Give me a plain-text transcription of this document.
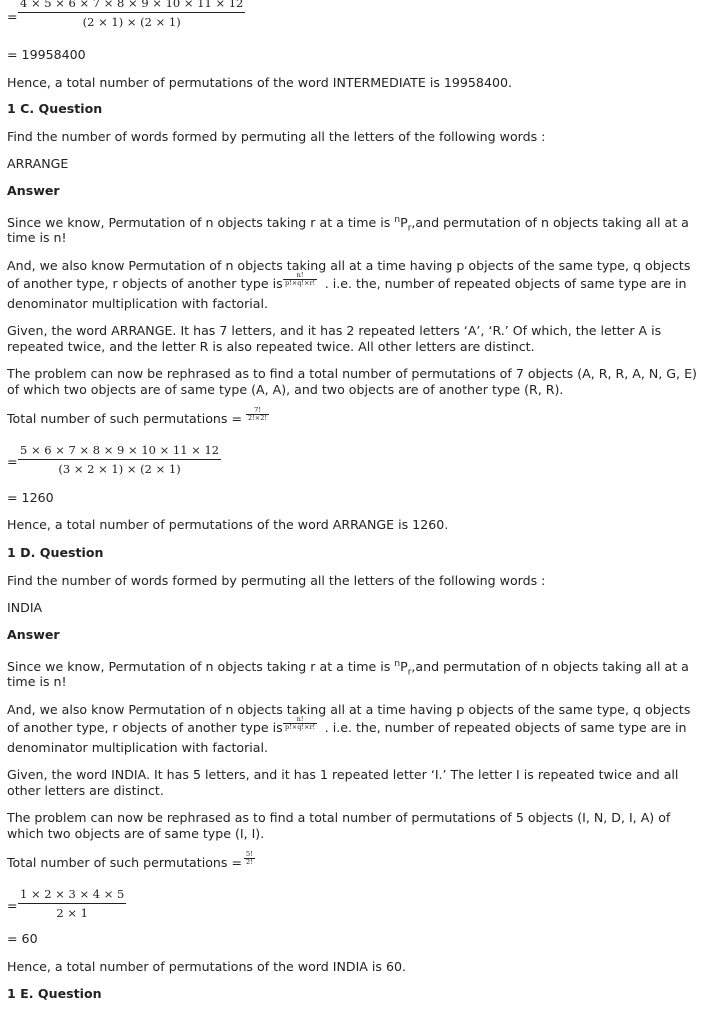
= $\frac{4 \times 5 \times 6 \times 7 \times 8 \times 9 \times 10 \times 11 \times 12}{(2 \times 1) \times (2 \times 1)}$
= 19958400
Hence, a total number of permutations of the word INTERMEDIATE is 19958400.
1 C. Question
Find the number of words formed by permuting all the letters of the following words :
ARRANGE
Answer
Since we know, Permutation of n objects taking r at a time is $^nP_r,and$ permutation of n objects taking all at a
time is n!
And, we also know Permutation of n objects taking all at a time having p objects of the same type, q objects
of another type, r objects of another type is	. i.e. the, number of repeated objects of same type are in
$\frac{n!}{p!\times q!\times r!}$
denominator multiplication with factorial.
Given, the word ARRANGE. It has 7 letters, and it has 2 repeated letters ‘A’, ‘R.’ Of which, the letter A is
repeated twice, and the letter R is also repeated twice. All other letters are distinct.
The problem can now be rephrased as to find a total number of permutations of 7 objects (A, R, R, A, N, G, E)
of which two objects are of same type (A, A), and two objects are of another type (R, R).
Total number of such permutations = $\frac{7!}{2!\times 2!}$
= $\frac{5 \times 6 \times 7 \times 8 \times 9 \times 10 \times 11 \times 12}{(3 \times 2 \times 1) \times (2 \times 1)}$
= 1260
Hence, a total number of permutations of the word ARRANGE is 1260.
1 D. Question
Find the number of words formed by permuting all the letters of the following words :
INDIA
Answer
Since we know, Permutation of n objects taking r at a time is $^nP_r,and$ permutation of n objects taking all at a
time is n!
And, we also know Permutation of n objects taking all at a time having p objects of the same type, q objects
of another type, r objects of another type is	. i.e. the, number of repeated objects of same type are in
$\frac{n!}{p!\times q!\times r!}$
denominator multiplication with factorial.
Given, the word INDIA. It has 5 letters, and it has 1 repeated letter ‘I.’ The letter I is repeated twice and all
other letters are distinct.
The problem can now be rephrased as to find a total number of permutations of 5 objects (I, N, D, I, A) of
which two objects are of same type (I, I).
Total number of such permutations = $\frac{5!}{2!}$
= $\frac{1 \times 2 \times 3 \times 4 \times 5}{2 \times 1}$
= 60
Hence, a total number of permutations of the word INDIA is 60.
1 E. Question
